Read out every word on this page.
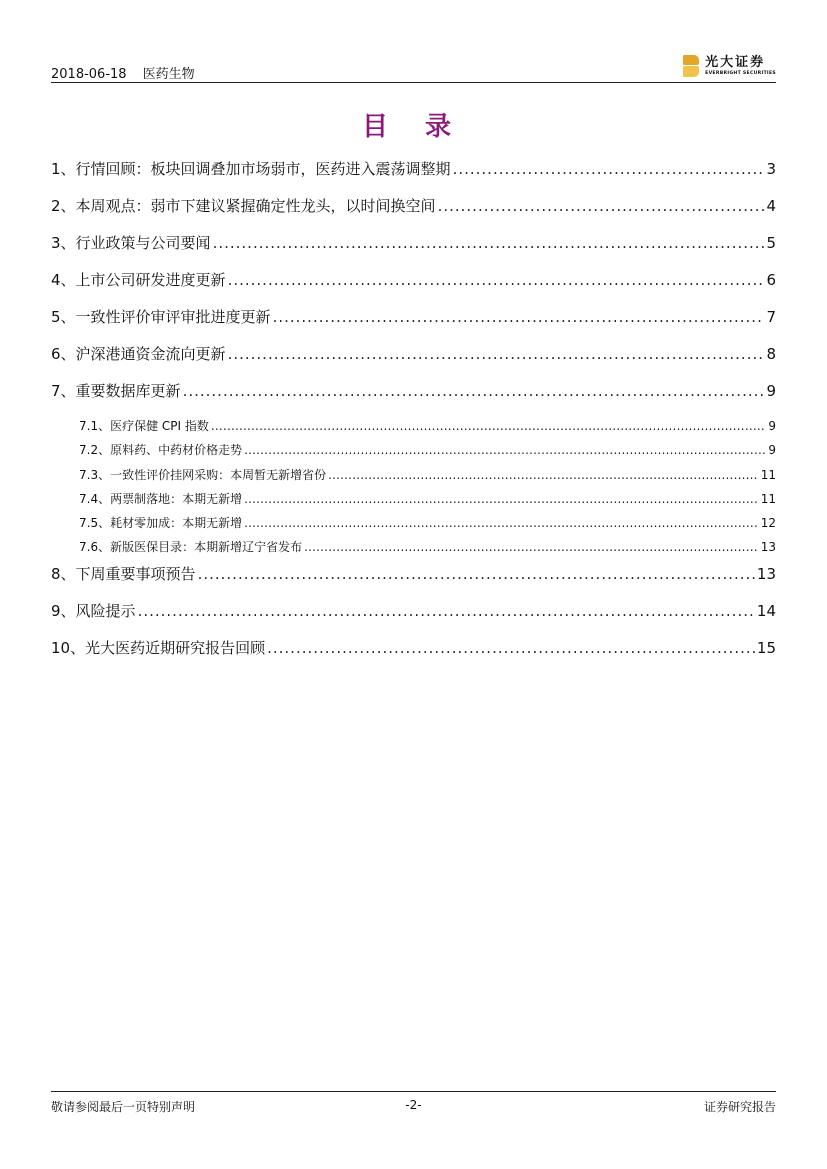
2018-06-18 医药生物
光大证券
EVERBRIGHT SECURITIES
目 录
1、 行情回顾：板块回调叠加市场弱市，医药进入震荡调整期 .....	3
2、 本周观点：弱市下建议紧握确定性龙头，以时间换空间 .....	4
3、 行业政策与公司要闻 .....	5
4、 上市公司研发进度更新 .....	6
5、 一致性评价审评审批进度更新 .....	7
6、 沪深港通资金流向更新 .....	8
7、 重要数据库更新 .....	9
7.1、 医疗保健 CPI 指数 .....	9
7.2、 原料药、中药材价格走势 .....	9
7.3、 一致性评价挂网采购：本周暂无新增省份 .....	11
7.4、 两票制落地：本期无新增 .....	11
7.5、 耗材零加成：本期无新增 .....	12
7.6、 新版医保目录：本期新增辽宁省发布 .....	13
8、 下周重要事项预告 .....	13
9、 风险提示 .....	14
10、 光大医药近期研究报告回顾 .....	15
敬请参阅最后一页特别声明	-2-	证券研究报告
